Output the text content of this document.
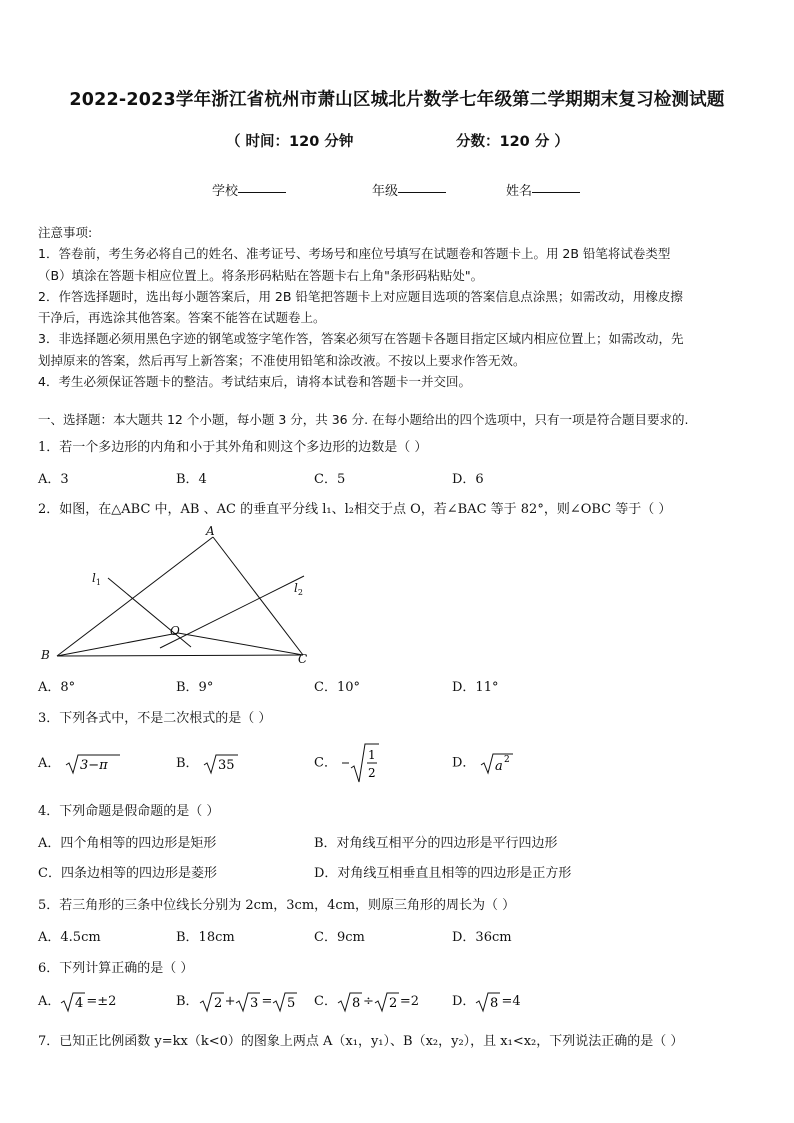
2022-2023学年浙江省杭州市萧山区城北片数学七年级第二学期期末复习检测试题
（ 时间：120 分钟	分数：120 分 ）
学校	年级	姓名
注意事项:
1．答卷前，考生务必将自己的姓名、准考证号、考场号和座位号填写在试题卷和答题卡上。用 2B 铅笔将试卷类型
（B）填涂在答题卡相应位置上。将条形码粘贴在答题卡右上角"条形码粘贴处"。
2．作答选择题时，选出每小题答案后，用 2B 铅笔把答题卡上对应题目选项的答案信息点涂黑；如需改动，用橡皮擦
干净后，再选涂其他答案。答案不能答在试题卷上。
3．非选择题必须用黑色字迹的钢笔或签字笔作答，答案必须写在答题卡各题目指定区域内相应位置上；如需改动，先
划掉原来的答案，然后再写上新答案；不准使用铅笔和涂改液。不按以上要求作答无效。
4．考生必须保证答题卡的整洁。考试结束后，请将本试卷和答题卡一并交回。
一、选择题：本大题共 12 个小题，每小题 3 分，共 36 分. 在每小题给出的四个选项中，只有一项是符合题目要求的.
1．若一个多边形的内角和小于其外角和则这个多边形的边数是（ ）
A．3	B．4	C．5	D．6
2．如图，在△ABC 中，AB 、AC 的垂直平分线 l₁、l₂相交于点 O，若∠BAC 等于 82°，则∠OBC 等于（ ）
A
B	C
O
$l_1$	$l_2$
A．8°	B．9°	C．10°	D．11°
3．下列各式中，不是二次根式的是（ ）
A． 3−π	B． 35	C．
1
2
D． a 2
4．下列命题是假命题的是（ ）
A．四个角相等的四边形是矩形	B．对角线互相平分的四边形是平行四边形
C．四条边相等的四边形是菱形	D．对角线互相垂直且相等的四边形是正方形
5．若三角形的三条中位线长分别为 2cm，3cm，4cm，则原三角形的周长为（ ）
A．4.5cm	B．18cm	C．9cm	D．36cm
6．下列计算正确的是（ ）
A． 4 =±2	B． 2 + 3 = 5 C． 8 ÷ 2 =2	D． 8 =4
7．已知正比例函数 y=kx（k<0）的图象上两点 A（x₁，y₁）、B（x₂，y₂），且 x₁<x₂，下列说法正确的是（ ）
